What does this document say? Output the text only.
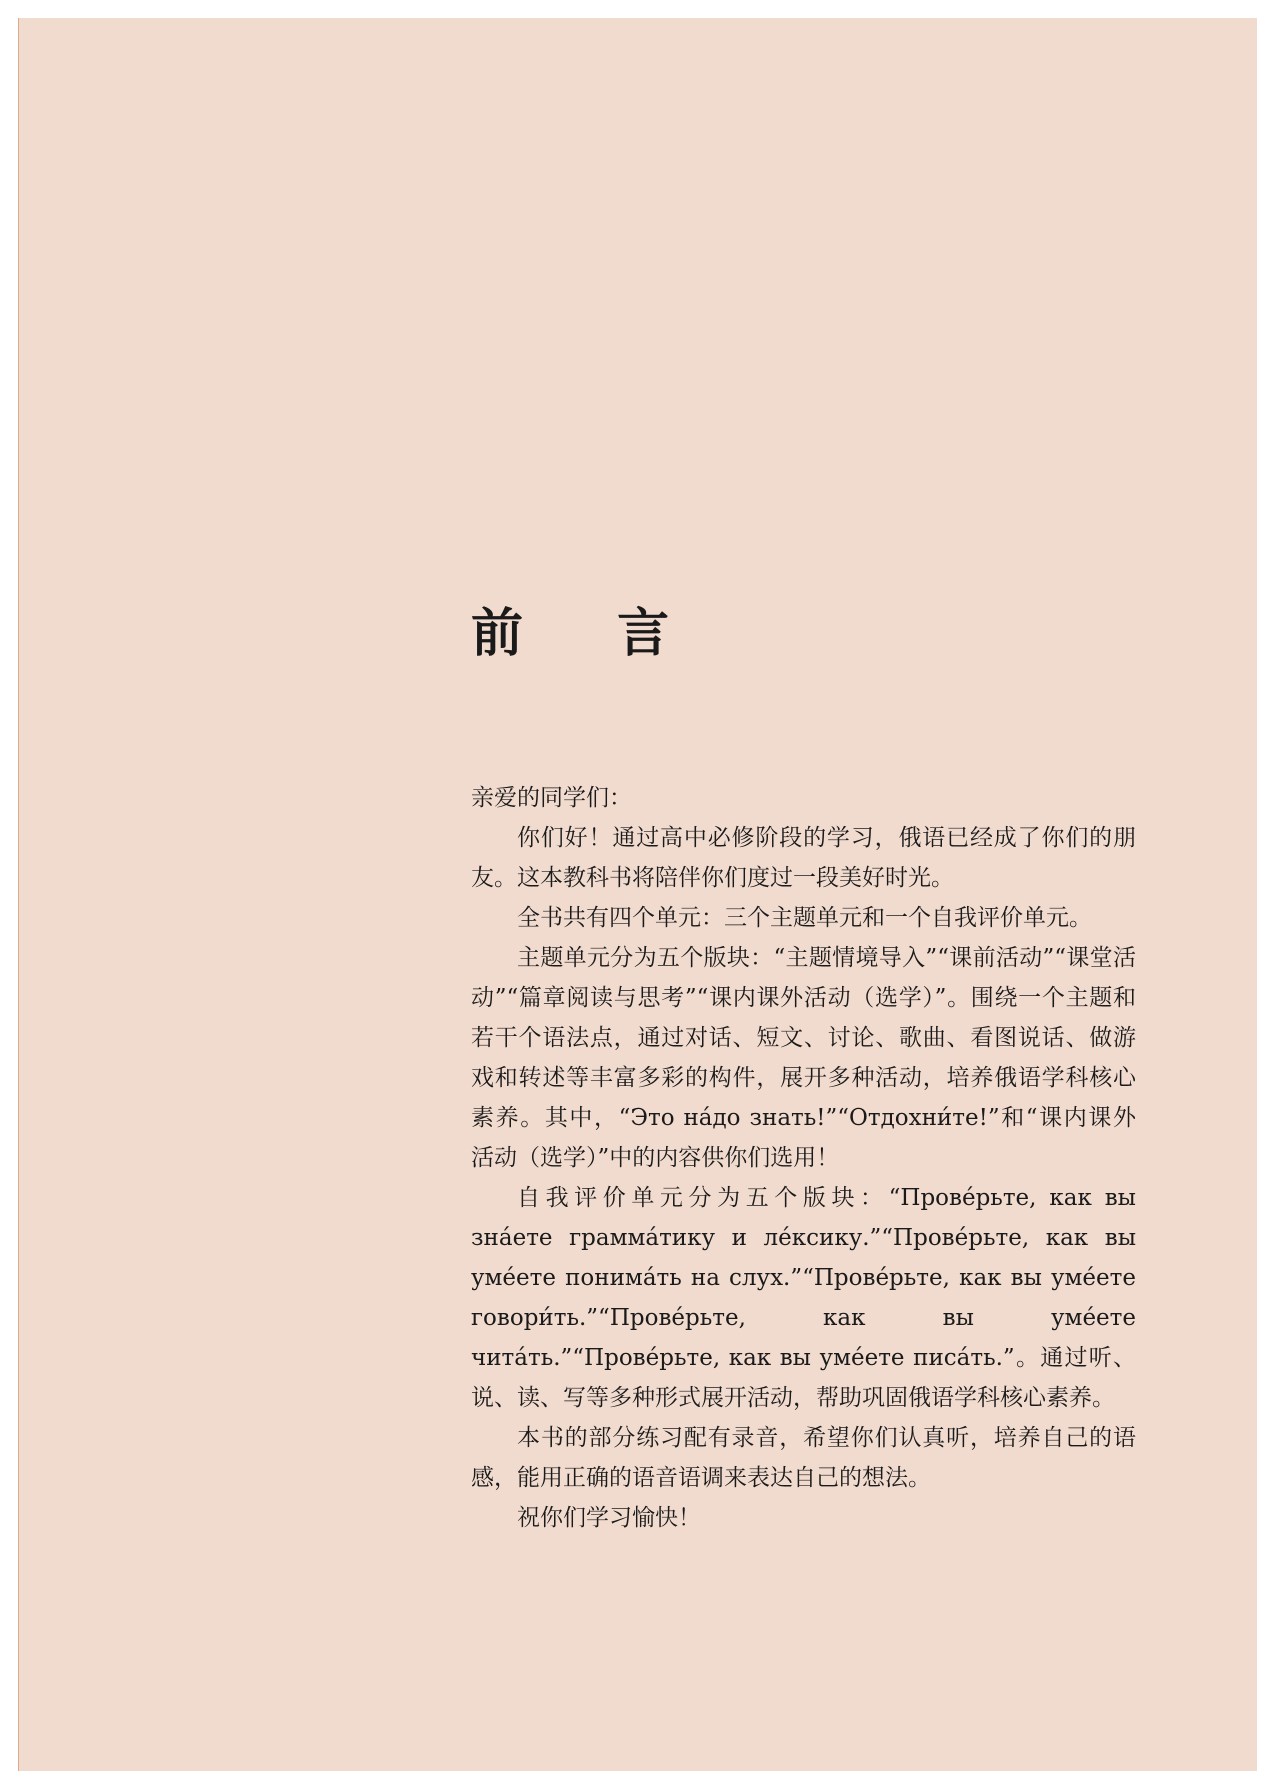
前 言

亲爱的同学们：

你们好！通过高中必修阶段的学习，俄语已经成了你们的朋友。这本教科书将陪伴你们度过一段美好时光。

全书共有四个单元：三个主题单元和一个自我评价单元。

主题单元分为五个版块：“主题情境导入”“课前活动”“课堂活动”“篇章阅读与思考”“课内课外活动（选学）”。围绕一个主题和若干个语法点，通过对话、短文、讨论、歌曲、看图说话、做游戏和转述等丰富多彩的构件，展开多种活动，培养俄语学科核心素养。其中，“Это на́до знать!”“Отдохни́те!”和“课内课外活动（选学）”中的内容供你们选用！

自我评价单元分为五个版块：“Прове́рьте, как вы зна́ете грамма́тику и ле́ксику.”“Прове́рьте, как вы уме́ете понима́ть на слух.”“Прове́рьте, как вы уме́ете говори́ть.”“Прове́рьте, как вы уме́ете чита́ть.”“Прове́рьте, как вы уме́ете писа́ть.”。通过听、说、读、写等多种形式展开活动，帮助巩固俄语学科核心素养。

本书的部分练习配有录音，希望你们认真听，培养自己的语感，能用正确的语音语调来表达自己的想法。

祝你们学习愉快！
